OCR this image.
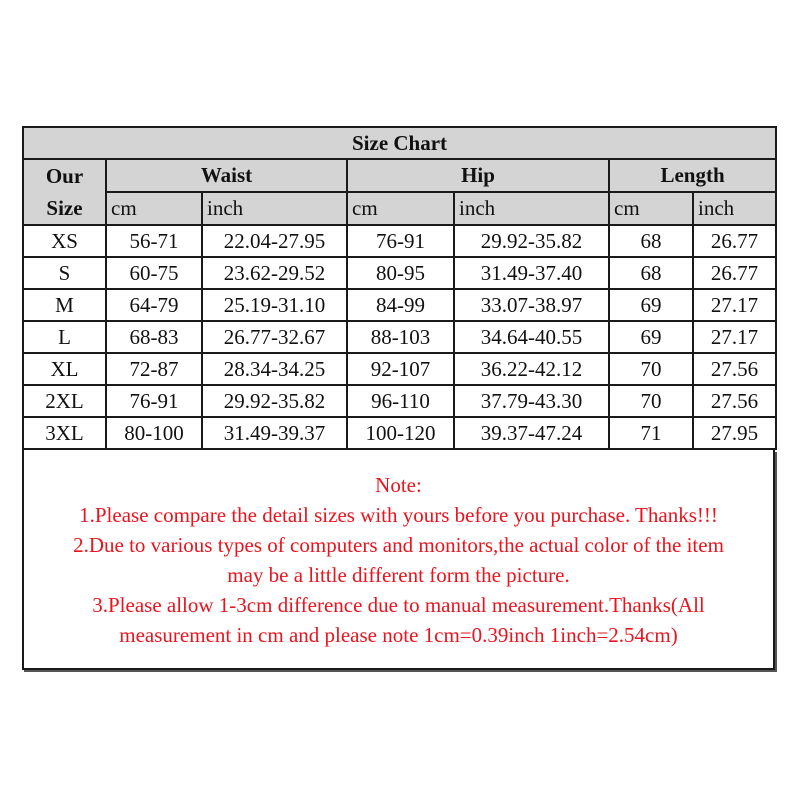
Size Chart						
Our
Size	Waist		Hip		Length	
	cm	inch	cm	inch	cm	inch
XS	56-71	22.04-27.95	76-91	29.92-35.82	68	26.77
S	60-75	23.62-29.52	80-95	31.49-37.40	68	26.77
M	64-79	25.19-31.10	84-99	33.07-38.97	69	27.17
L	68-83	26.77-32.67	88-103	34.64-40.55	69	27.17
XL	72-87	28.34-34.25	92-107	36.22-42.12	70	27.56
2XL	76-91	29.92-35.82	96-110	37.79-43.30	70	27.56
3XL	80-100	31.49-39.37	100-120	39.37-47.24	71	27.95
Note:
1.Please compare the detail sizes with yours before you purchase. Thanks!!!
2.Due to various types of computers and monitors,the actual color of the item
may be a little different form the picture.
3.Please allow 1-3cm difference due to manual measurement.Thanks(All
measurement in cm and please note 1cm=0.39inch 1inch=2.54cm)
